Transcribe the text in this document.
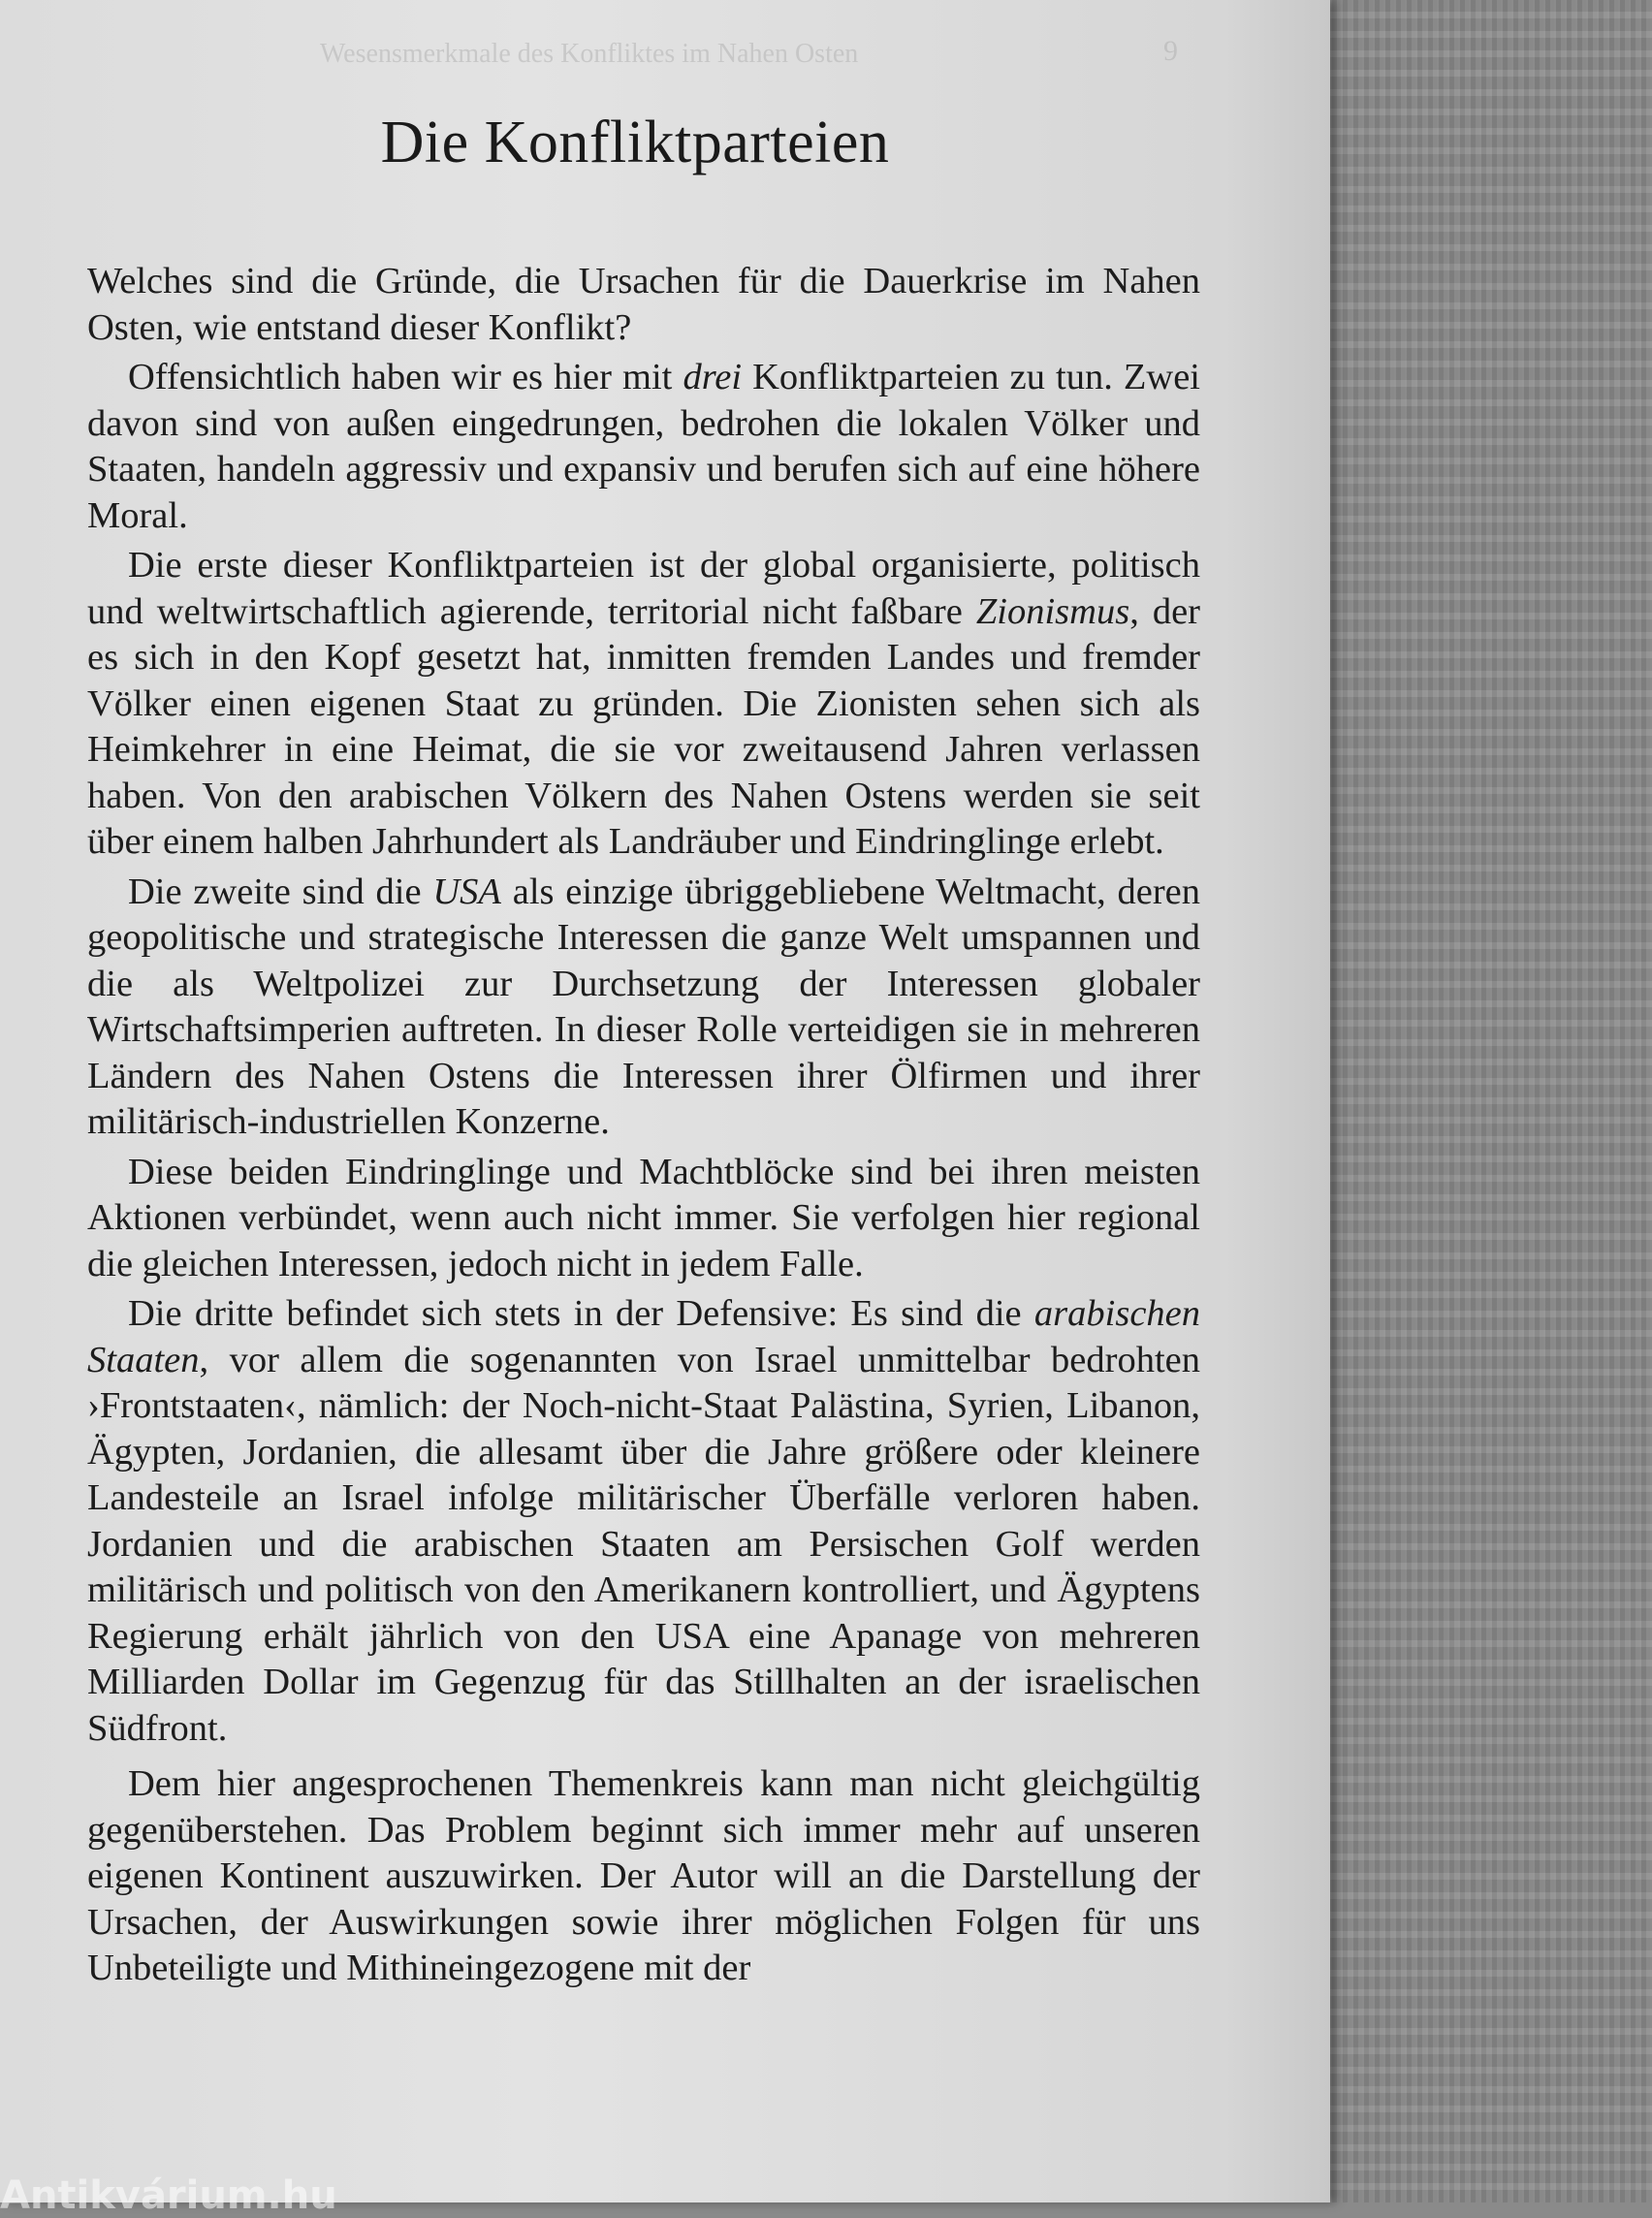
Wesensmerkmale des Konfliktes im Nahen Osten	9
Die Konfliktparteien

Welches sind die Gründe, die Ursachen für die Dauerkrise im Nahen Osten, wie entstand dieser Konflikt?

Offensichtlich haben wir es hier mit drei Konfliktparteien zu tun. Zwei davon sind von außen eingedrungen, bedrohen die lokalen Völker und Staaten, handeln aggressiv und expansiv und berufen sich auf eine höhere Moral.

Die erste dieser Konfliktparteien ist der global organisierte, politisch und weltwirtschaftlich agierende, territorial nicht faßbare Zionismus, der es sich in den Kopf gesetzt hat, inmitten fremden Landes und fremder Völker einen eigenen Staat zu gründen. Die Zionisten sehen sich als Heimkehrer in eine Heimat, die sie vor zweitausend Jahren verlassen haben. Von den arabischen Völkern des Nahen Ostens werden sie seit über einem halben Jahrhundert als Landräuber und Eindringlinge erlebt.

Die zweite sind die USA als einzige übriggebliebene Weltmacht, deren geopolitische und strategische Interessen die ganze Welt umspannen und die als Weltpolizei zur Durchsetzung der Interessen globaler Wirtschaftsimperien auftreten. In dieser Rolle verteidigen sie in mehreren Ländern des Nahen Ostens die Interessen ihrer Ölfirmen und ihrer militärisch-industriellen Konzerne.

Diese beiden Eindringlinge und Machtblöcke sind bei ihren meisten Aktionen verbündet, wenn auch nicht immer. Sie verfolgen hier regional die gleichen Interessen, jedoch nicht in jedem Falle.

Die dritte befindet sich stets in der Defensive: Es sind die arabischen Staaten, vor allem die sogenannten von Israel unmittelbar bedrohten ›Frontstaaten‹, nämlich: der Noch-nicht-Staat Palästina, Syrien, Libanon, Ägypten, Jordanien, die allesamt über die Jahre größere oder kleinere Landesteile an Israel infolge militärischer Überfälle verloren haben. Jordanien und die arabischen Staaten am Persischen Golf werden militärisch und politisch von den Amerikanern kontrolliert, und Ägyptens Regierung erhält jährlich von den USA eine Apanage von mehreren Milliarden Dollar im Gegenzug für das Stillhalten an der israelischen Südfront.

Dem hier angesprochenen Themenkreis kann man nicht gleichgültig gegenüberstehen. Das Problem beginnt sich immer mehr auf unseren eigenen Kontinent auszuwirken. Der Autor will an die Darstellung der Ursachen, der Auswirkungen sowie ihrer möglichen Folgen für uns Unbeteiligte und Mithineingezogene mit der

Antikvárium.hu
